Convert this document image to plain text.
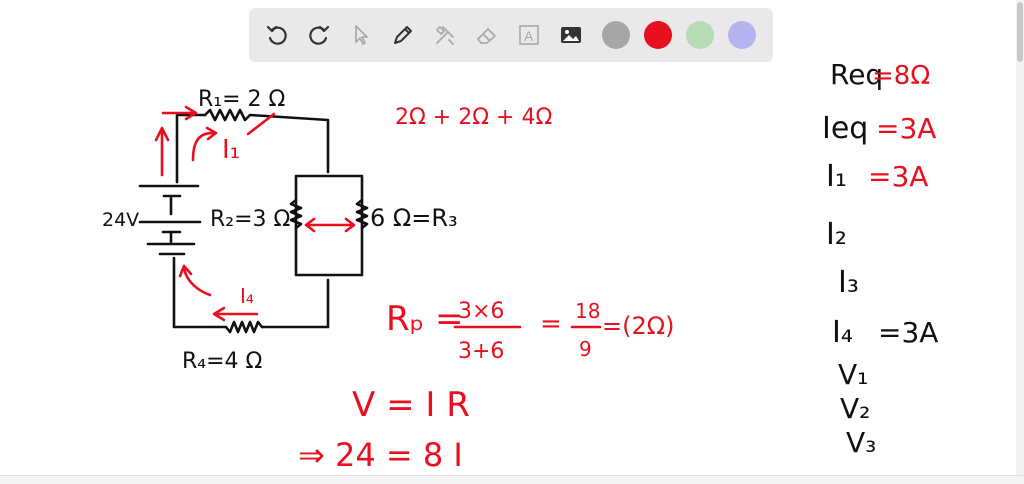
R₁= 2 Ω
24V	R₂=3 Ω	6 Ω=R₃
R₄=4 Ω
I₁
I₄
2Ω + 2Ω + 4Ω
Rₚ =
3×6
3+6
= 18
9
=(2Ω)
V = I R
⇒ 24 = 8 I
Req
=8Ω
Ieq =3A
I₁ =3A
I₂
I₃
I₄ =3A
V₁
V₂
V₃
A
